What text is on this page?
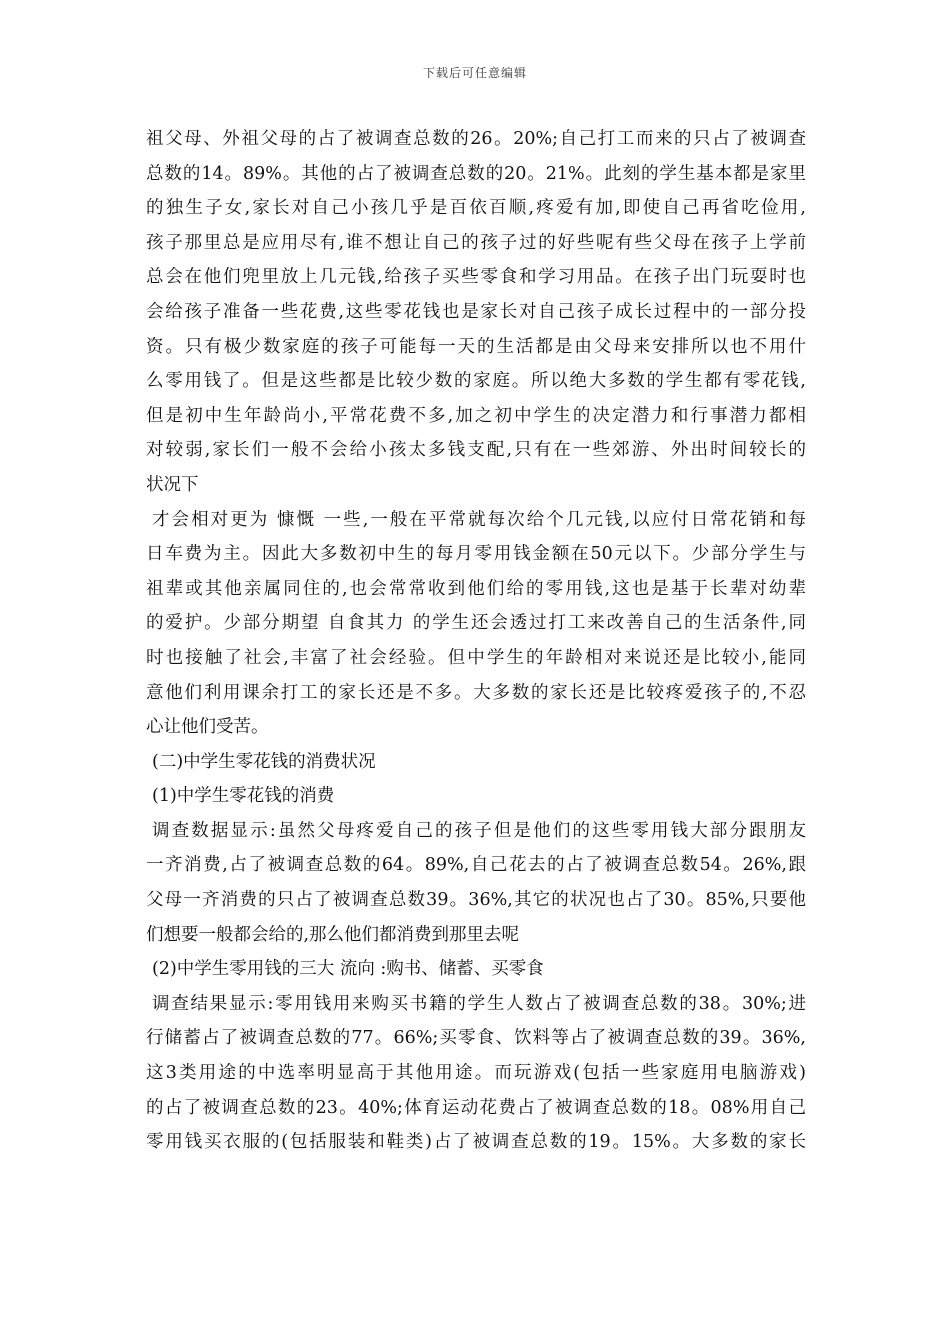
下载后可任意编辑
祖父母、外祖父母的占了被调查总数的26。20%;自己打工而来的只占了被调查
总数的14。89%。其他的占了被调查总数的20。21%。此刻的学生基本都是家里
的独生子女,家长对自己小孩几乎是百依百顺,疼爱有加,即使自己再省吃俭用,
孩子那里总是应用尽有,谁不想让自己的孩子过的好些呢有些父母在孩子上学前
总会在他们兜里放上几元钱,给孩子买些零食和学习用品。在孩子出门玩耍时也
会给孩子准备一些花费,这些零花钱也是家长对自己孩子成长过程中的一部分投
资。只有极少数家庭的孩子可能每一天的生活都是由父母来安排所以也不用什
么零用钱了。但是这些都是比较少数的家庭。所以绝大多数的学生都有零花钱,
但是初中生年龄尚小,平常花费不多,加之初中学生的决定潜力和行事潜力都相
对较弱,家长们一般不会给小孩太多钱支配,只有在一些郊游、外出时间较长的
状况下
才会相对更为 慷慨 一些,一般在平常就每次给个几元钱,以应付日常花销和每
日车费为主。因此大多数初中生的每月零用钱金额在50元以下。少部分学生与
祖辈或其他亲属同住的,也会常常收到他们给的零用钱,这也是基于长辈对幼辈
的爱护。少部分期望 自食其力 的学生还会透过打工来改善自己的生活条件,同
时也接触了社会,丰富了社会经验。但中学生的年龄相对来说还是比较小,能同
意他们利用课余打工的家长还是不多。大多数的家长还是比较疼爱孩子的,不忍
心让他们受苦。
(二)中学生零花钱的消费状况
(1)中学生零花钱的消费
调查数据显示:虽然父母疼爱自己的孩子但是他们的这些零用钱大部分跟朋友
一齐消费,占了被调查总数的64。89%,自己花去的占了被调查总数54。26%,跟
父母一齐消费的只占了被调查总数39。36%,其它的状况也占了30。85%,只要他
们想要一般都会给的,那么他们都消费到那里去呢
(2)中学生零用钱的三大 流向 :购书、储蓄、买零食
调查结果显示:零用钱用来购买书籍的学生人数占了被调查总数的38。30%;进
行储蓄占了被调查总数的77。66%;买零食、饮料等占了被调查总数的39。36%,
这3类用途的中选率明显高于其他用途。而玩游戏(包括一些家庭用电脑游戏)
的占了被调查总数的23。40%;体育运动花费占了被调查总数的18。08%用自己
零用钱买衣服的(包括服装和鞋类)占了被调查总数的19。15%。大多数的家长
